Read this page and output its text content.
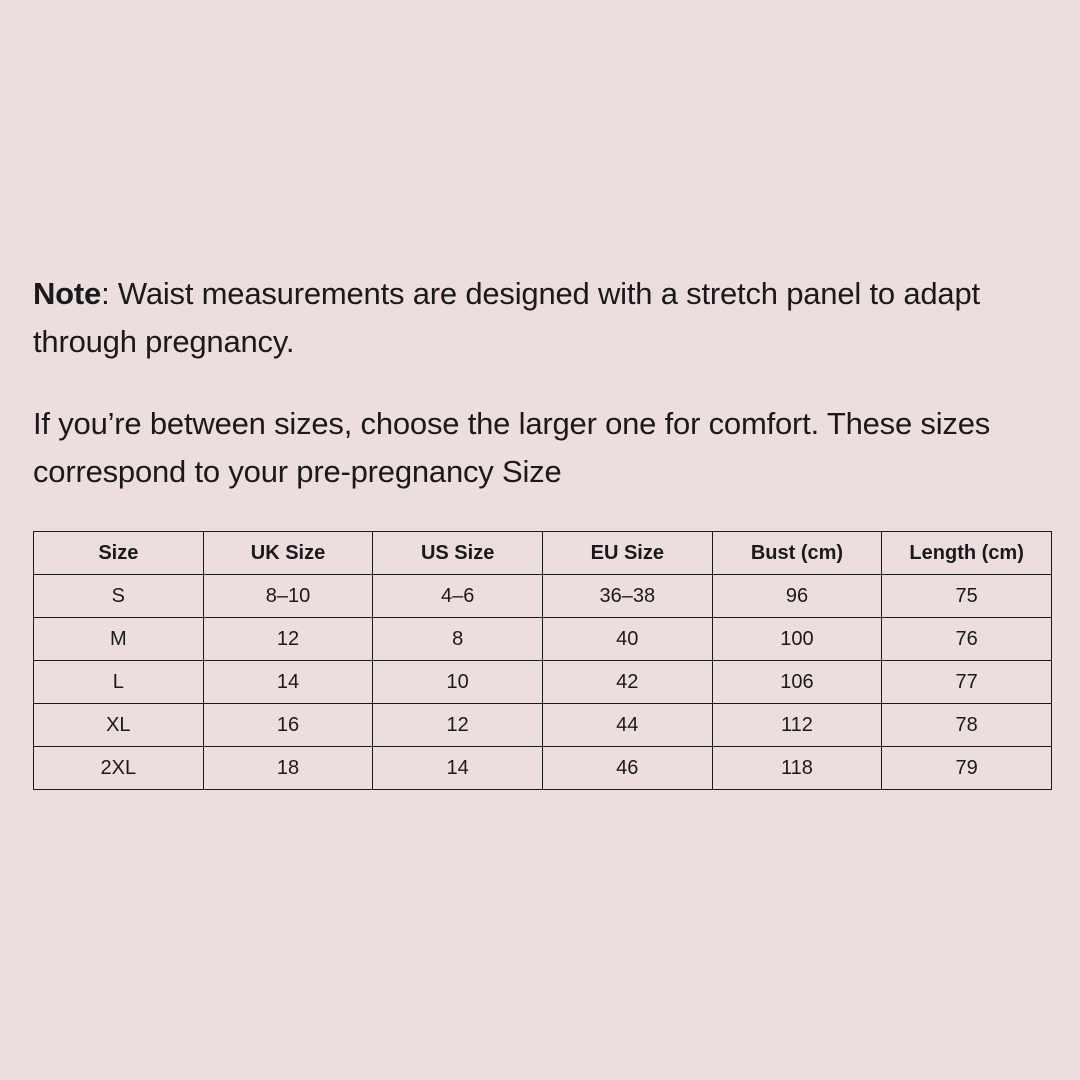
Note: Waist measurements are designed with a stretch panel to adapt through pregnancy.

If you’re between sizes, choose the larger one for comfort. These sizes correspond to your pre-pregnancy Size

Size	UK Size	US Size	EU Size	Bust (cm)	Length (cm)
S	8–10	4–6	36–38	96	75
M	12	8	40	100	76
L	14	10	42	106	77
XL	16	12	44	112	78
2XL	18	14	46	118	79
